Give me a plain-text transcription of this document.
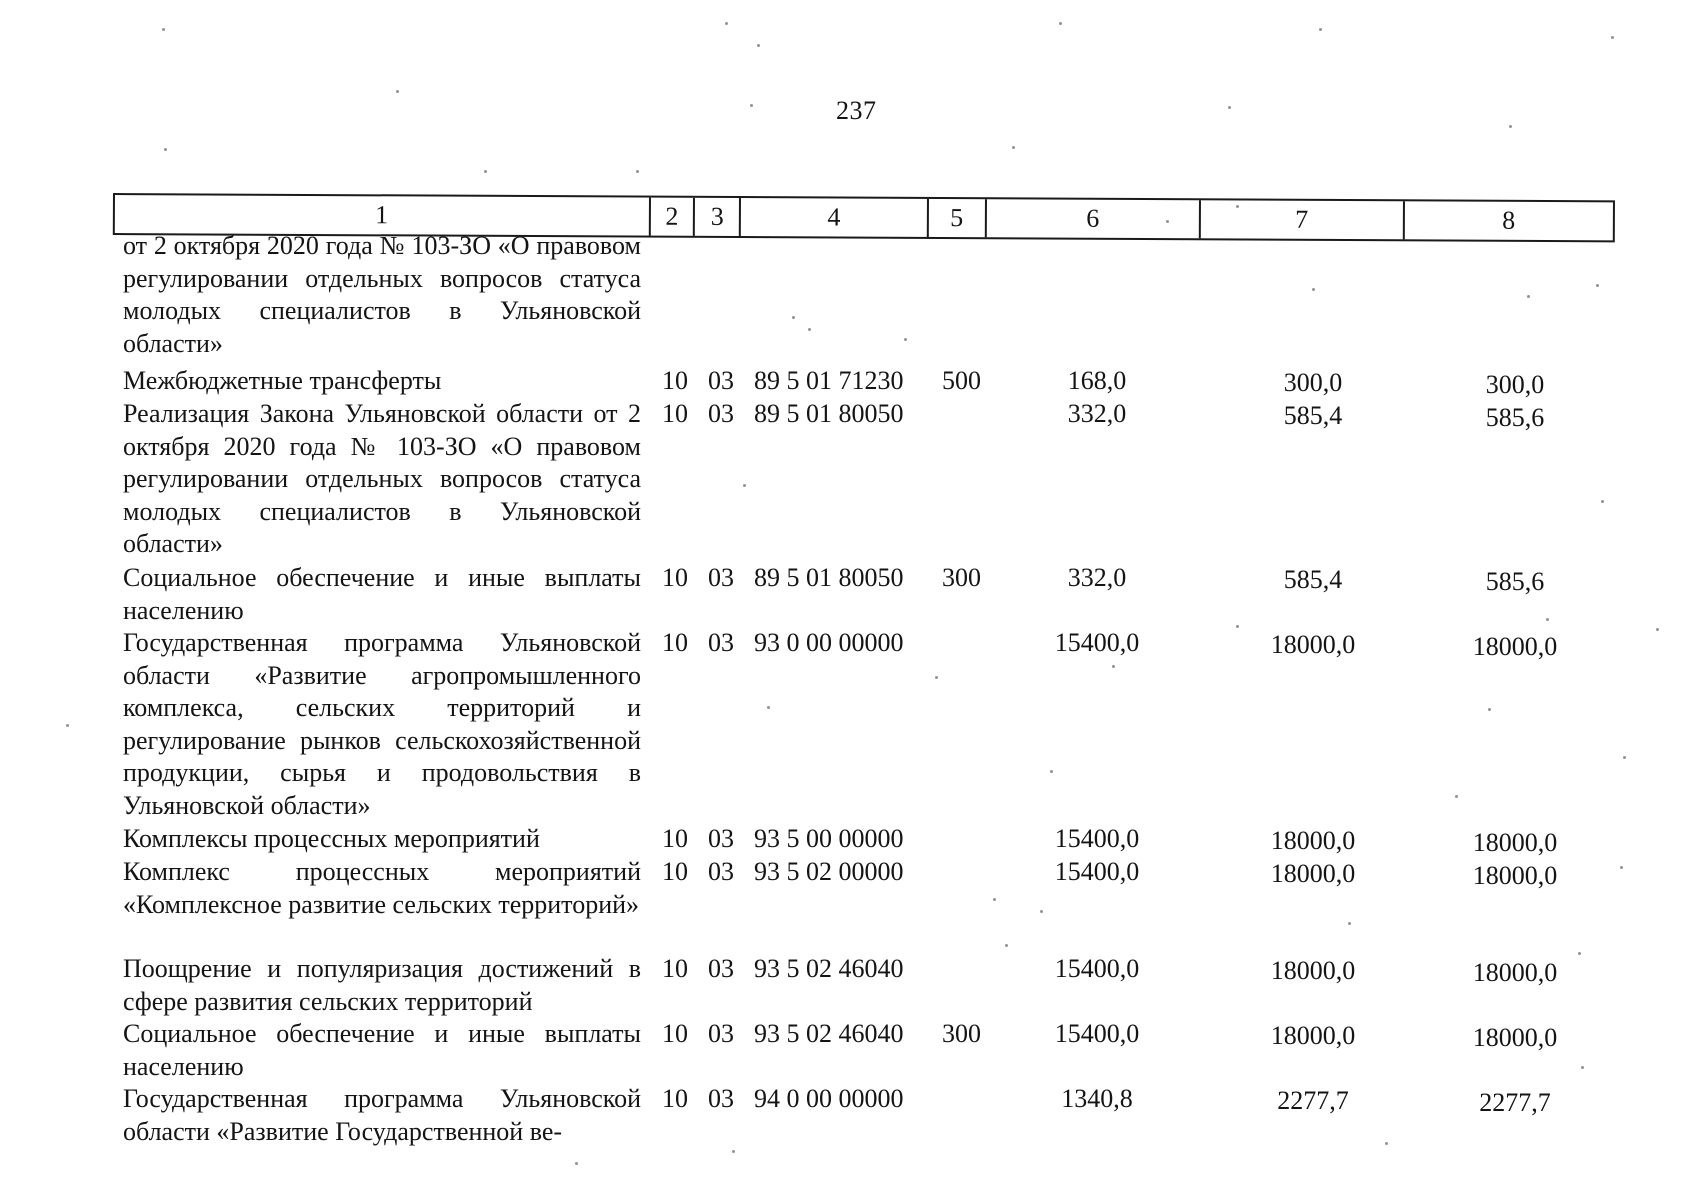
237
1	2	3	4	5	6	7	8
от 2 октября 2020 года № 103-ЗО «О правовом регулировании отдельных вопросов статуса молодых специалистов в Ульяновской области»
Межбюджетные трансферты	10 03 89 5 01 71230 500	168,0	300,0	300,0
Реализация Закона Ульяновской области от 2 октября 2020 года № 103-ЗО «О правовом регулировании отдельных вопросов статуса молодых специалистов в Ульяновской области»
10 03 89 5 01 80050	332,0	585,4	585,6
Социальное обеспечение и иные выплаты населению
10 03 89 5 01 80050 300	332,0	585,4	585,6
Государственная программа Ульяновской области «Развитие агропромышленного комплекса, сельских территорий и регулирование рынков сельскохозяйственной продукции, сырья и продовольствия в Ульяновской области»
10 03 93 0 00 00000	15400,0	18000,0	18000,0
Комплексы процессных мероприятий	10 03 93 5 00 00000	15400,0	18000,0	18000,0
Комплекс процессных мероприятий «Комплексное развитие сельских территорий»
10 03 93 5 02 00000	15400,0	18000,0	18000,0
Поощрение и популяризация достижений в сфере развития сельских территорий
10 03 93 5 02 46040	15400,0	18000,0	18000,0
Социальное обеспечение и иные выплаты населению
10 03 93 5 02 46040 300	15400,0	18000,0	18000,0
Государственная программа Ульяновской области «Развитие Государственной ве-
10 03 94 0 00 00000	1340,8	2277,7	2277,7
